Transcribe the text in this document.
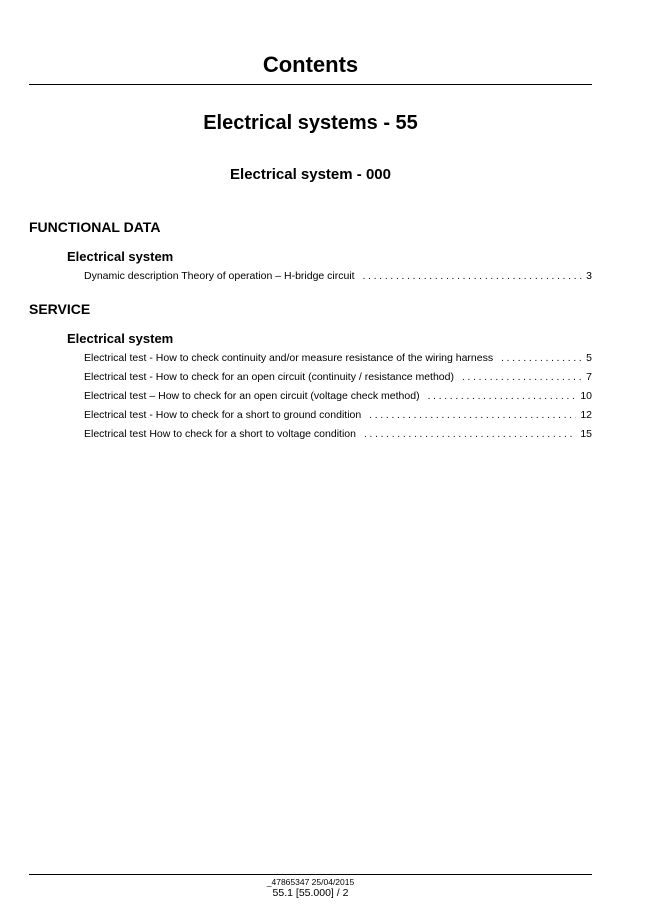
Contents
Electrical systems - 55
Electrical system - 000
FUNCTIONAL DATA
Electrical system
Dynamic description Theory of operation – H-bridge circuit . . .	3
SERVICE
Electrical system
Electrical test - How to check continuity and/or measure resistance of the wiring harness . . .	5
Electrical test - How to check for an open circuit (continuity / resistance method) . . .	7
Electrical test – How to check for an open circuit (voltage check method) . . .	10
Electrical test - How to check for a short to ground condition . . .	12
Electrical test How to check for a short to voltage condition . . .	15
_47865347 25/04/2015
55.1 [55.000] / 2
